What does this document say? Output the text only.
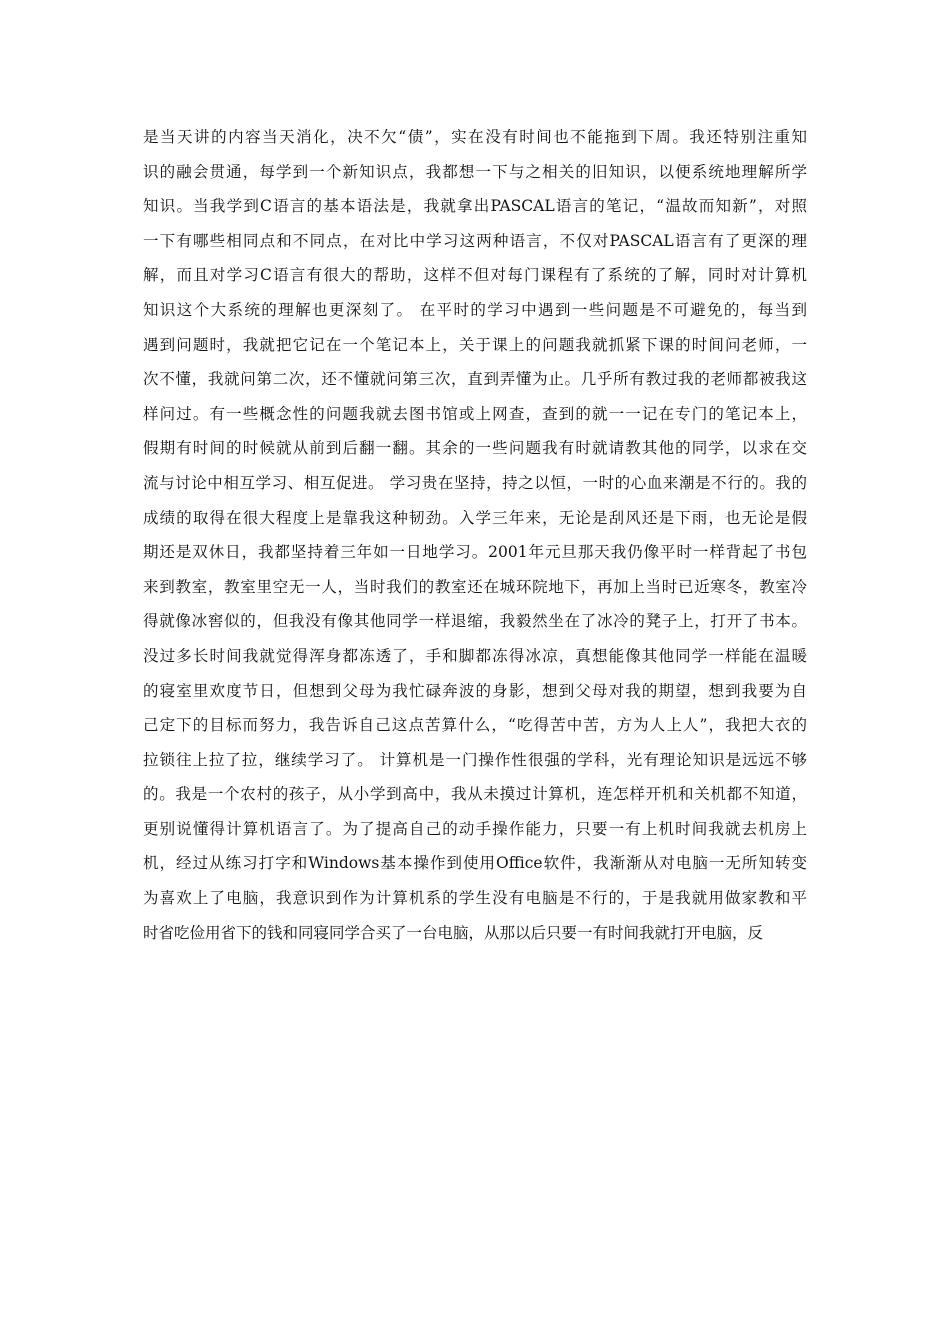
是当天讲的内容当天消化，决不欠“债”，实在没有时间也不能拖到下周。我还特别注重知
识的融会贯通，每学到一个新知识点，我都想一下与之相关的旧知识，以便系统地理解所学
知识。当我学到C语言的基本语法是，我就拿出PASCAL语言的笔记，“温故而知新”，对照
一下有哪些相同点和不同点，在对比中学习这两种语言，不仅对PASCAL语言有了更深的理
解，而且对学习C语言有很大的帮助，这样不但对每门课程有了系统的了解，同时对计算机
知识这个大系统的理解也更深刻了。 在平时的学习中遇到一些问题是不可避免的，每当到
遇到问题时，我就把它记在一个笔记本上，关于课上的问题我就抓紧下课的时间问老师，一
次不懂，我就问第二次，还不懂就问第三次，直到弄懂为止。几乎所有教过我的老师都被我这
样问过。有一些概念性的问题我就去图书馆或上网查，查到的就一一记在专门的笔记本上，
假期有时间的时候就从前到后翻一翻。其余的一些问题我有时就请教其他的同学，以求在交
流与讨论中相互学习、相互促进。 学习贵在坚持，持之以恒，一时的心血来潮是不行的。我的
成绩的取得在很大程度上是靠我这种韧劲。入学三年来，无论是刮风还是下雨，也无论是假
期还是双休日，我都坚持着三年如一日地学习。2001年元旦那天我仍像平时一样背起了书包
来到教室，教室里空无一人，当时我们的教室还在城环院地下，再加上当时已近寒冬，教室冷
得就像冰窖似的，但我没有像其他同学一样退缩，我毅然坐在了冰冷的凳子上，打开了书本。
没过多长时间我就觉得浑身都冻透了，手和脚都冻得冰凉，真想能像其他同学一样能在温暖
的寝室里欢度节日，但想到父母为我忙碌奔波的身影，想到父母对我的期望，想到我要为自
己定下的目标而努力，我告诉自己这点苦算什么，“吃得苦中苦，方为人上人”，我把大衣的
拉锁往上拉了拉，继续学习了。 计算机是一门操作性很强的学科，光有理论知识是远远不够
的。我是一个农村的孩子，从小学到高中，我从未摸过计算机，连怎样开机和关机都不知道，
更别说懂得计算机语言了。为了提高自己的动手操作能力，只要一有上机时间我就去机房上
机，经过从练习打字和Windows基本操作到使用Office软件，我渐渐从对电脑一无所知转变
为喜欢上了电脑，我意识到作为计算机系的学生没有电脑是不行的，于是我就用做家教和平
时省吃俭用省下的钱和同寝同学合买了一台电脑，从那以后只要一有时间我就打开电脑，反
